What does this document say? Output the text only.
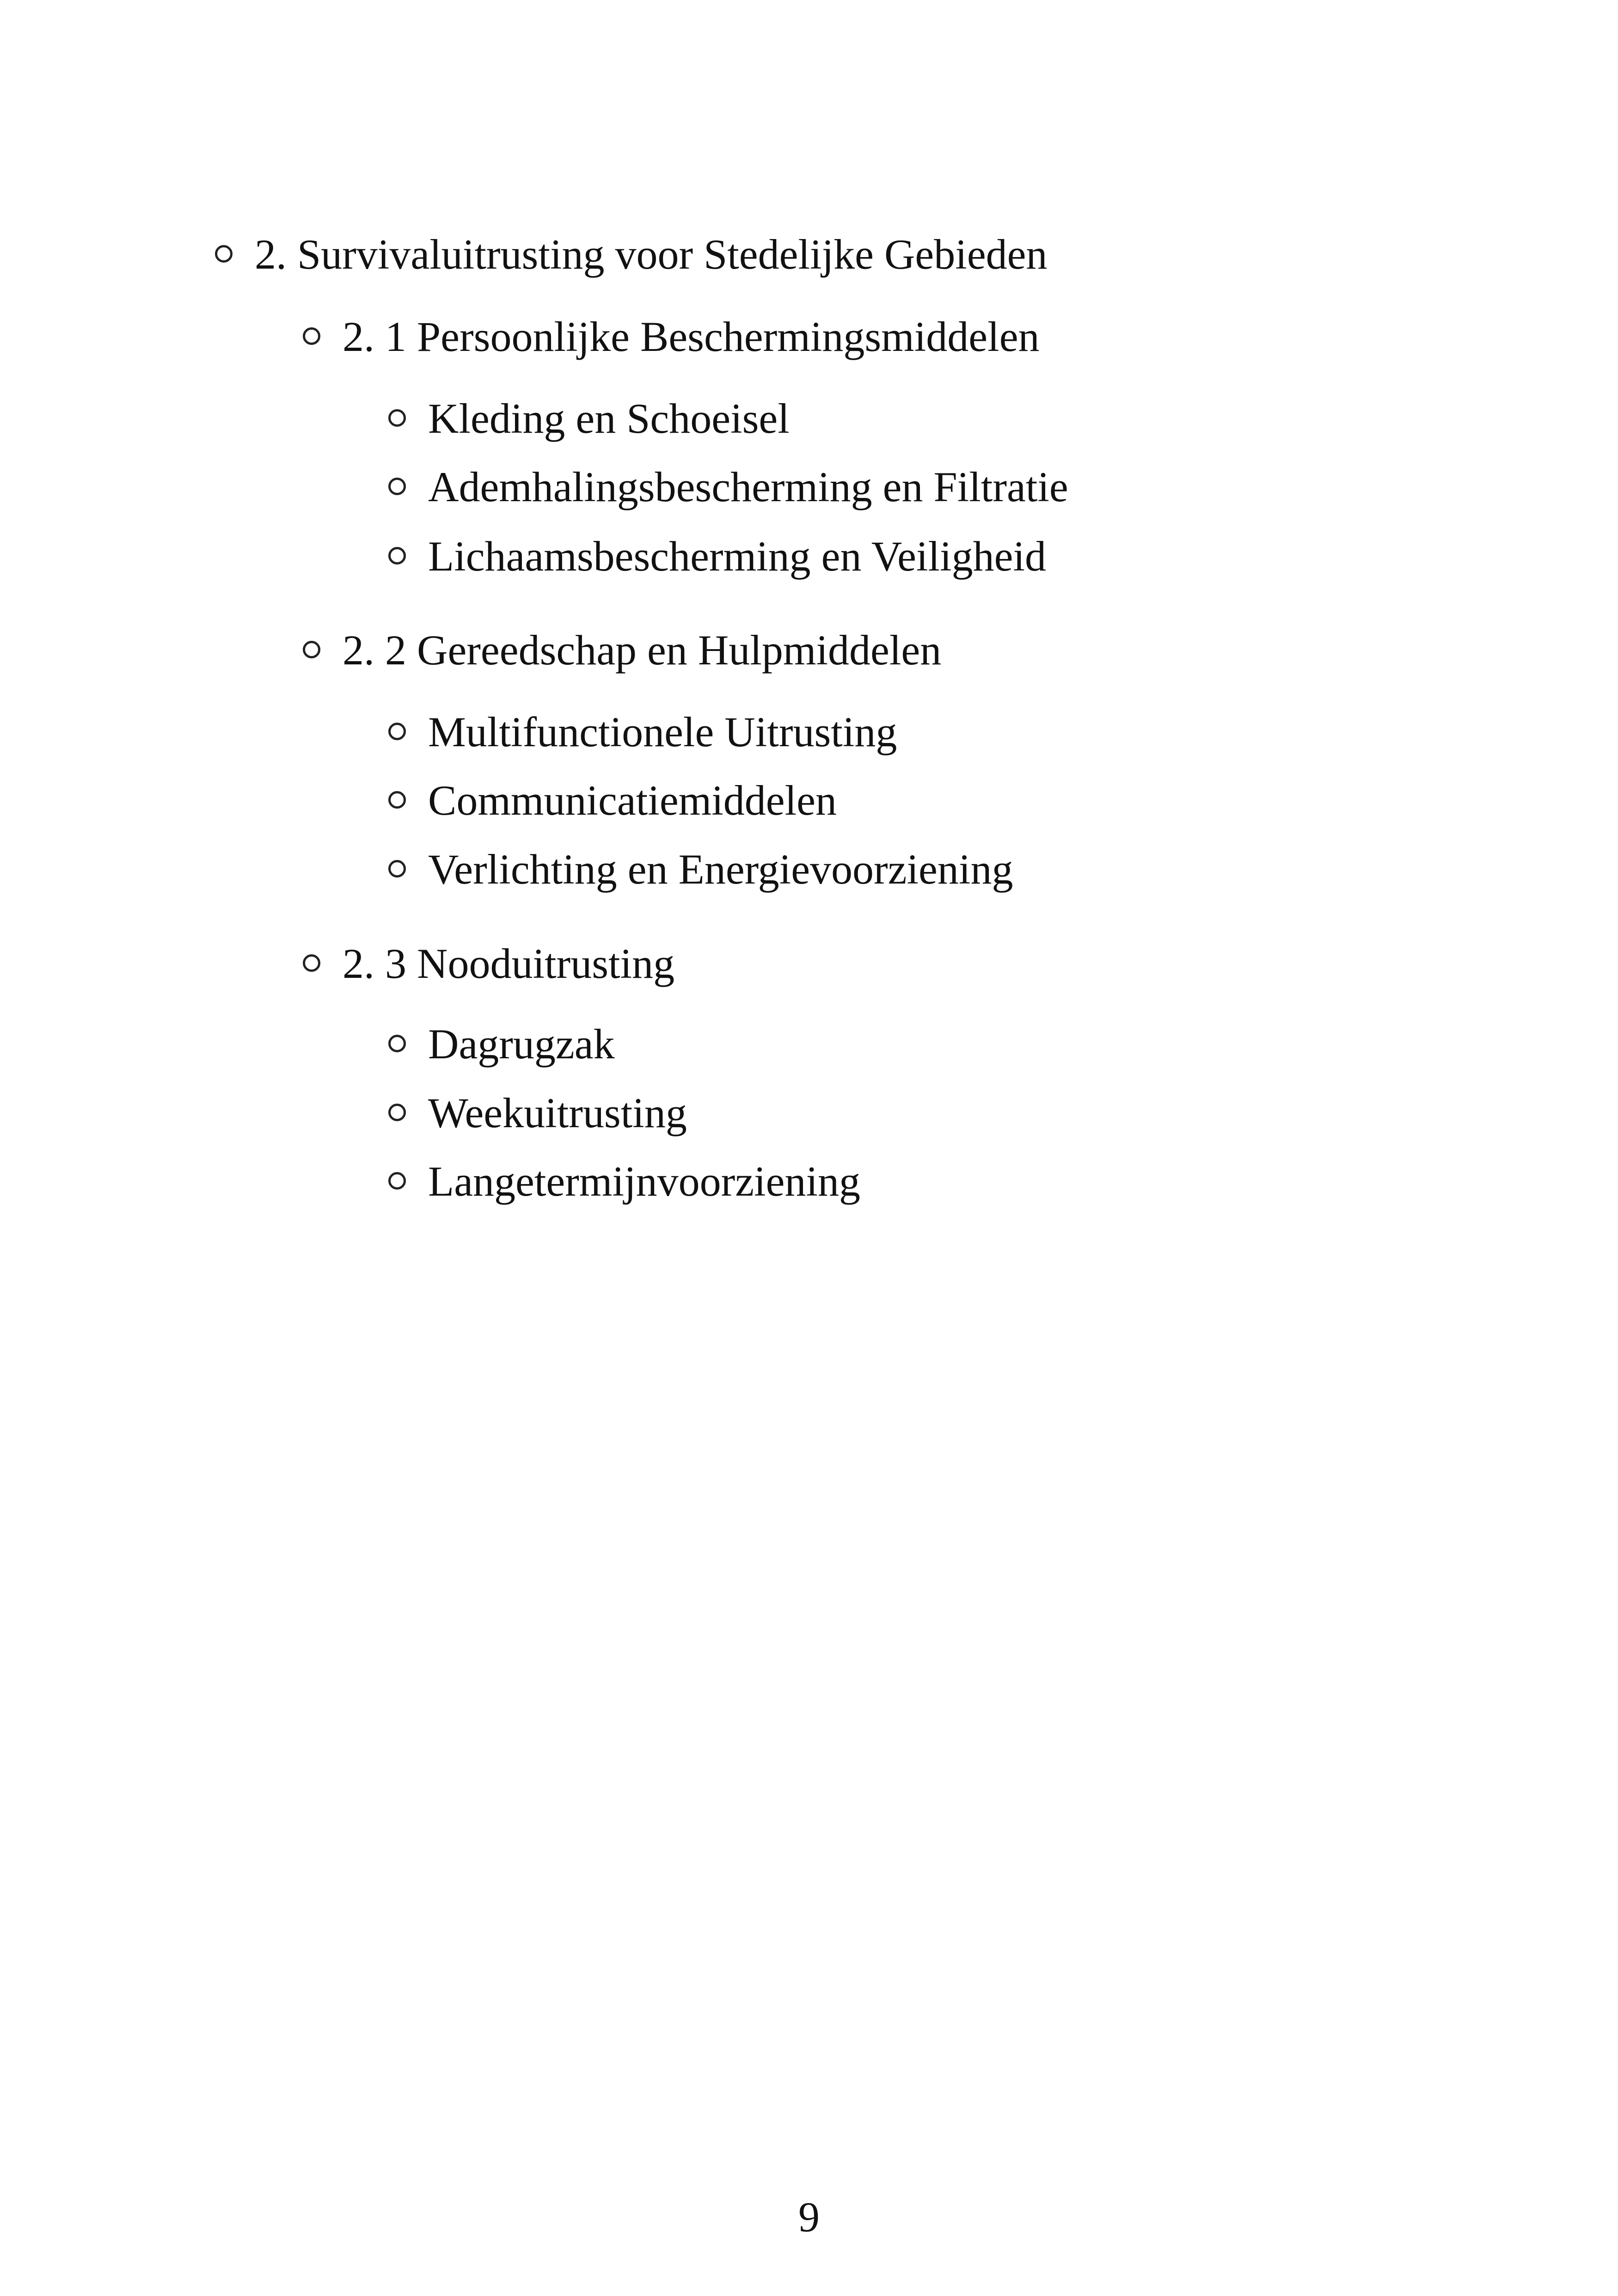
2. Survivaluitrusting voor Stedelijke Gebieden
2. 1 Persoonlijke Beschermingsmiddelen
Kleding en Schoeisel
Ademhalingsbescherming en Filtratie
Lichaamsbescherming en Veiligheid
2. 2 Gereedschap en Hulpmiddelen
Multifunctionele Uitrusting
Communicatiemiddelen
Verlichting en Energievoorziening
2. 3 Nooduitrusting
Dagrugzak
Weekuitrusting
Langetermijnvoorziening
9
